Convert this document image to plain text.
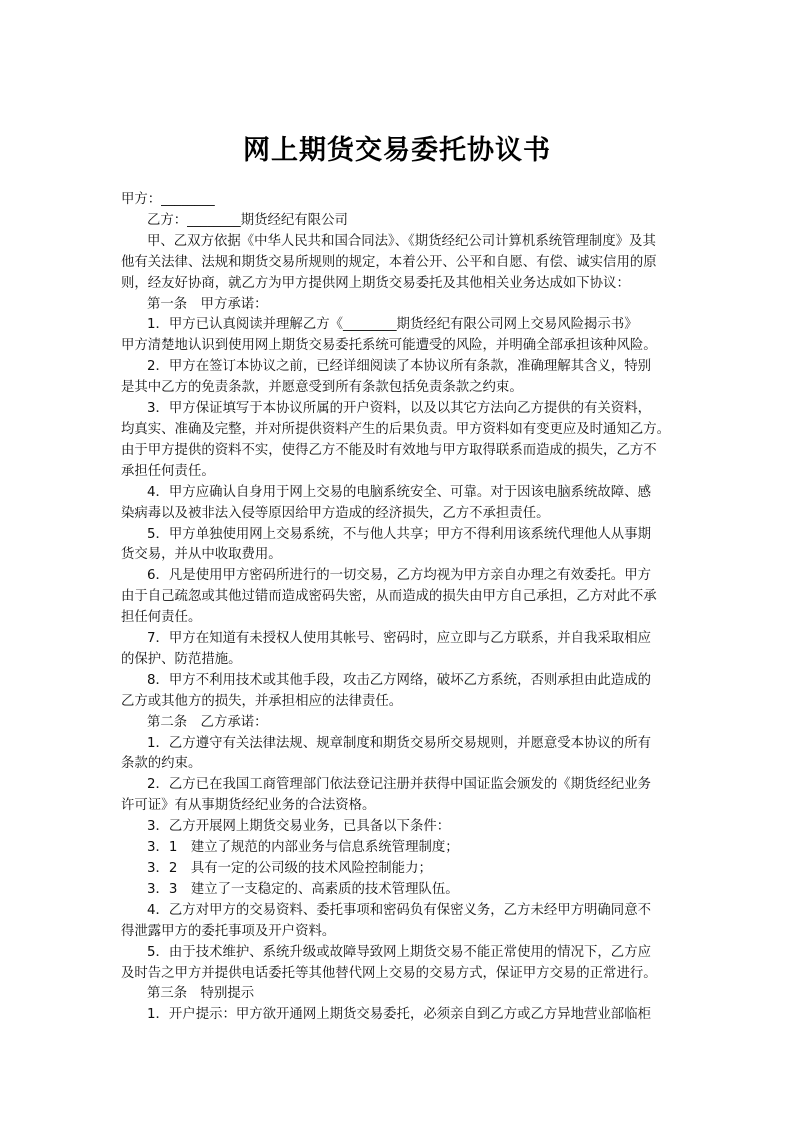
网上期货交易委托协议书

甲方：________

乙方：________期货经纪有限公司

甲、乙双方依据《中华人民共和国合同法》、《期货经纪公司计算机系统管理制度》及其
他有关法律、法规和期货交易所规则的规定，本着公开、公平和自愿、有偿、诚实信用的原
则，经友好协商，就乙方为甲方提供网上期货交易委托及其他相关业务达成如下协议：

第一条　甲方承诺：

1．甲方已认真阅读并理解乙方《________期货经纪有限公司网上交易风险揭示书》
甲方清楚地认识到使用网上期货交易委托系统可能遭受的风险，并明确全部承担该种风险。

2．甲方在签订本协议之前，已经详细阅读了本协议所有条款，准确理解其含义，特别
是其中乙方的免责条款，并愿意受到所有条款包括免责条款之约束。

3．甲方保证填写于本协议所属的开户资料，以及以其它方法向乙方提供的有关资料，
均真实、准确及完整，并对所提供资料产生的后果负责。甲方资料如有变更应及时通知乙方。
由于甲方提供的资料不实，使得乙方不能及时有效地与甲方取得联系而造成的损失，乙方不
承担任何责任。

4．甲方应确认自身用于网上交易的电脑系统安全、可靠。对于因该电脑系统故障、感
染病毒以及被非法入侵等原因给甲方造成的经济损失，乙方不承担责任。

5．甲方单独使用网上交易系统，不与他人共享；甲方不得利用该系统代理他人从事期
货交易，并从中收取费用。

6．凡是使用甲方密码所进行的一切交易，乙方均视为甲方亲自办理之有效委托。甲方
由于自己疏忽或其他过错而造成密码失密，从而造成的损失由甲方自己承担，乙方对此不承
担任何责任。

7．甲方在知道有未授权人使用其帐号、密码时，应立即与乙方联系，并自我采取相应
的保护、防范措施。

8．甲方不利用技术或其他手段，攻击乙方网络，破坏乙方系统，否则承担由此造成的
乙方或其他方的损失，并承担相应的法律责任。

第二条　乙方承诺：

1．乙方遵守有关法律法规、规章制度和期货交易所交易规则，并愿意受本协议的所有
条款的约束。

2．乙方已在我国工商管理部门依法登记注册并获得中国证监会颁发的《期货经纪业务
许可证》有从事期货经纪业务的合法资格。

3．乙方开展网上期货交易业务，已具备以下条件：

3．1　建立了规范的内部业务与信息系统管理制度；

3．2　具有一定的公司级的技术风险控制能力；

3．3　建立了一支稳定的、高素质的技术管理队伍。

4．乙方对甲方的交易资料、委托事项和密码负有保密义务，乙方未经甲方明确同意不
得泄露甲方的委托事项及开户资料。

5．由于技术维护、系统升级或故障导致网上期货交易不能正常使用的情况下，乙方应
及时告之甲方并提供电话委托等其他替代网上交易的交易方式，保证甲方交易的正常进行。

第三条　特别提示

1．开户提示：甲方欲开通网上期货交易委托，必须亲自到乙方或乙方异地营业部临柜
